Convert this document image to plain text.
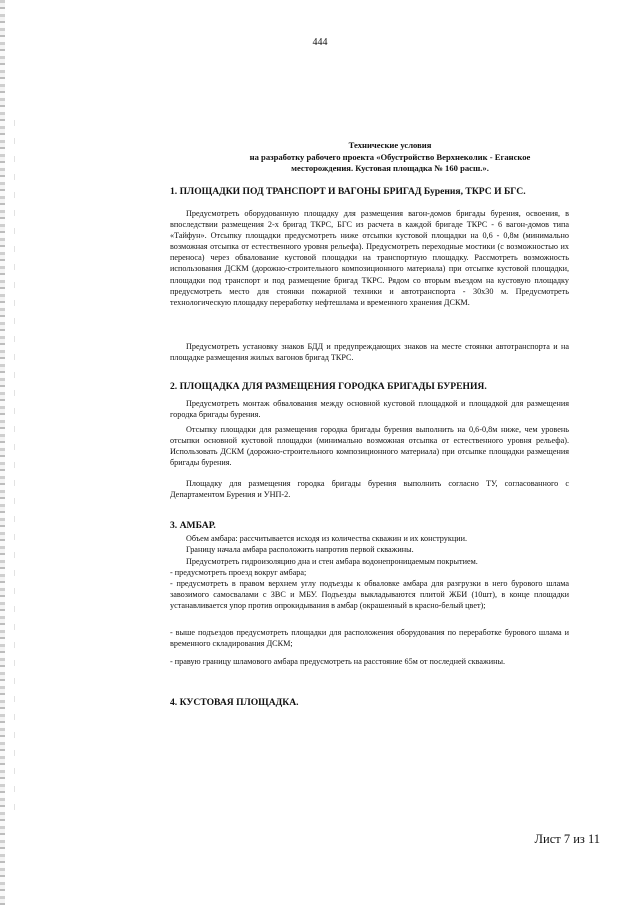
444
Технические условия
на разработку рабочего проекта «Обустройство Верхнеколик - Еганское
месторождения. Кустовая площадка № 160 расш.».
1. ПЛОЩАДКИ ПОД ТРАНСПОРТ И ВАГОНЫ БРИГАД Бурения, ТКРС И БГС.

Предусмотреть оборудованную площадку для размещения вагон-домов бригады бурения, освоения, в впоследствии размещения 2-х бригад ТКРС, БГС из расчета в каждой бригаде ТКРС - 6 вагон-домов типа «Тайфун». Отсыпку площадки предусмотреть ниже отсыпки кустовой площадки на 0,6 - 0,8м (минимально возможная отсыпка от естественного уровня рельефа). Предусмотреть переходные мостики (с возможностью их переноса) через обвалование кустовой площадки на транспортную площадку. Рассмотреть возможность использования ДСКМ (дорожно-строительного композиционного материала) при отсыпке кустовой площадки, площадки под транспорт и под размещение бригад ТКРС. Рядом со вторым въездом на кустовую площадку предусмотреть место для стоянки пожарной техники и автотранспорта - 30х30 м. Предусмотреть технологическую площадку переработку нефтешлама и временного хранения ДСКМ.

Предусмотреть установку знаков БДД и предупреждающих знаков на месте стоянки автотранспорта и на площадке размещения жилых вагонов бригад ТКРС.

2. ПЛОЩАДКА ДЛЯ РАЗМЕЩЕНИЯ ГОРОДКА БРИГАДЫ БУРЕНИЯ.

Предусмотреть монтаж обвалования между основной кустовой площадкой и площадкой для размещения городка бригады бурения.

Отсыпку площадки для размещения городка бригады бурения выполнить на 0,6-0,8м ниже, чем уровень отсыпки основной кустовой площадки (минимально возможная отсыпка от естественного уровня рельефа). Использовать ДСКМ (дорожно-строительного композиционного материала) при отсыпке площадки размещения бригады бурения.

Площадку для размещения городка бригады бурения выполнить согласно ТУ, согласованного с Департаментом Бурения и УНП-2.

3. АМБАР.

Объем амбара: рассчитывается исходя из количества скважин и их конструкции.

Границу начала амбара расположить напротив первой скважины.

Предусмотреть гидроизоляцию дна и стен амбара водонепроницаемым покрытием.

- предусмотреть проезд вокруг амбара;

- предусмотреть в правом верхнем углу подъезды к обваловке амбара для разгрузки в него бурового шлама завозимого самосвалами с ЗВС и МБУ. Подъезды выкладываются плитой ЖБИ (10шт), в конце площадки устанавливается упор против опрокидывания в амбар (окрашенный в красно-белый цвет);

- выше подъездов предусмотреть площадки для расположения оборудования по переработке бурового шлама и временного складирования ДСКМ;

- правую границу шламового амбара предусмотреть на расстояние 65м от последней скважины.

4. КУСТОВАЯ ПЛОЩАДКА.
Лист 7 из 11
